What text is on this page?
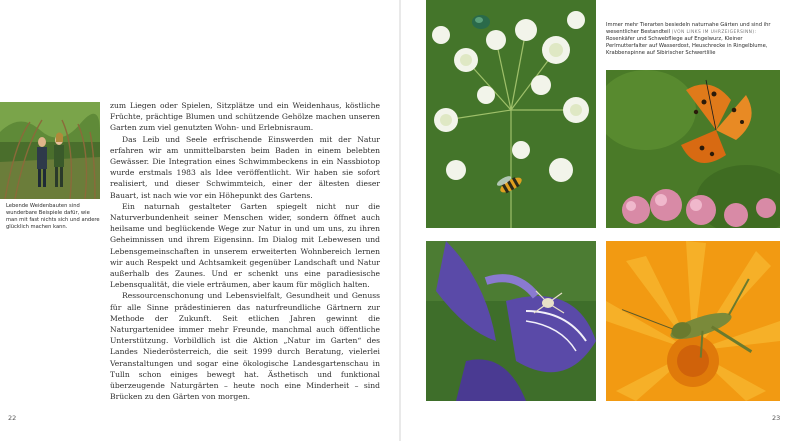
Lebende Weidenbauten sind wunderbare Beispiele dafür, wie man mit fast nichts sich und andere glücklich machen kann.

zum Liegen oder Spielen, Sitzplätze und ein Weidenhaus, köstliche Früchte, prächtige Blumen und schützende Gehölze machen unseren Garten zum viel genutzten Wohn- und Erlebnisraum.

Das Leib und Seele erfrischende Einswerden mit der Natur erfahren wir am unmittelbarsten beim Baden in einem belebten Gewässer. Die Integration eines Schwimmbeckens in ein Nassbiotop wurde erstmals 1983 als Idee veröffentlicht. Wir haben sie sofort realisiert, und dieser Schwimmteich, einer der ältesten dieser Bauart, ist nach wie vor ein Höhepunkt des Gartens.

Ein naturnah gestalteter Garten spiegelt nicht nur die Naturverbundenheit seiner Menschen wider, sondern öffnet auch heilsame und beglückende Wege zur Natur in und um uns, zu ihren Geheimnissen und ihrem Eigensinn. Im Dialog mit Lebewesen und Lebensgemeinschaften in unserem erweiterten Wohnbereich lernen wir auch Respekt und Achtsamkeit gegenüber Landschaft und Natur außerhalb des Zaunes. Und er schenkt uns eine paradiesische Lebensqualität, die viele erträumen, aber kaum für möglich halten.

Ressourcenschonung und Lebensvielfalt, Gesundheit und Genuss für alle Sinne prädestinieren das naturfreundliche Gärtnern zur Methode der Zukunft. Seit etlichen Jahren gewinnt die Naturgartenidee immer mehr Freunde, manchmal auch öffentliche Unterstützung. Vorbildlich ist die Aktion „Natur im Garten“ des Landes Niederösterreich, die seit 1999 durch Beratung, vielerlei Veranstaltungen und sogar eine ökologische Landesgartenschau in Tulln schon einiges bewegt hat. Ästhetisch und funktional überzeugende Naturgärten – heute noch eine Minderheit – sind Brücken zu den Gärten von morgen.

22
Immer mehr Tierarten besiedeln naturnahe Gärten und sind ihr wesentlicher Bestandteil (VON LINKS IM UHRZEIGERSINN): Rosenkäfer und Schwebfliege auf Engelwurz, Kleiner Perlmutterfalter auf Wasserdost, Heuschrecke in Ringelblume, Krabbenspinne auf Sibirischer Schwertlilie
23
